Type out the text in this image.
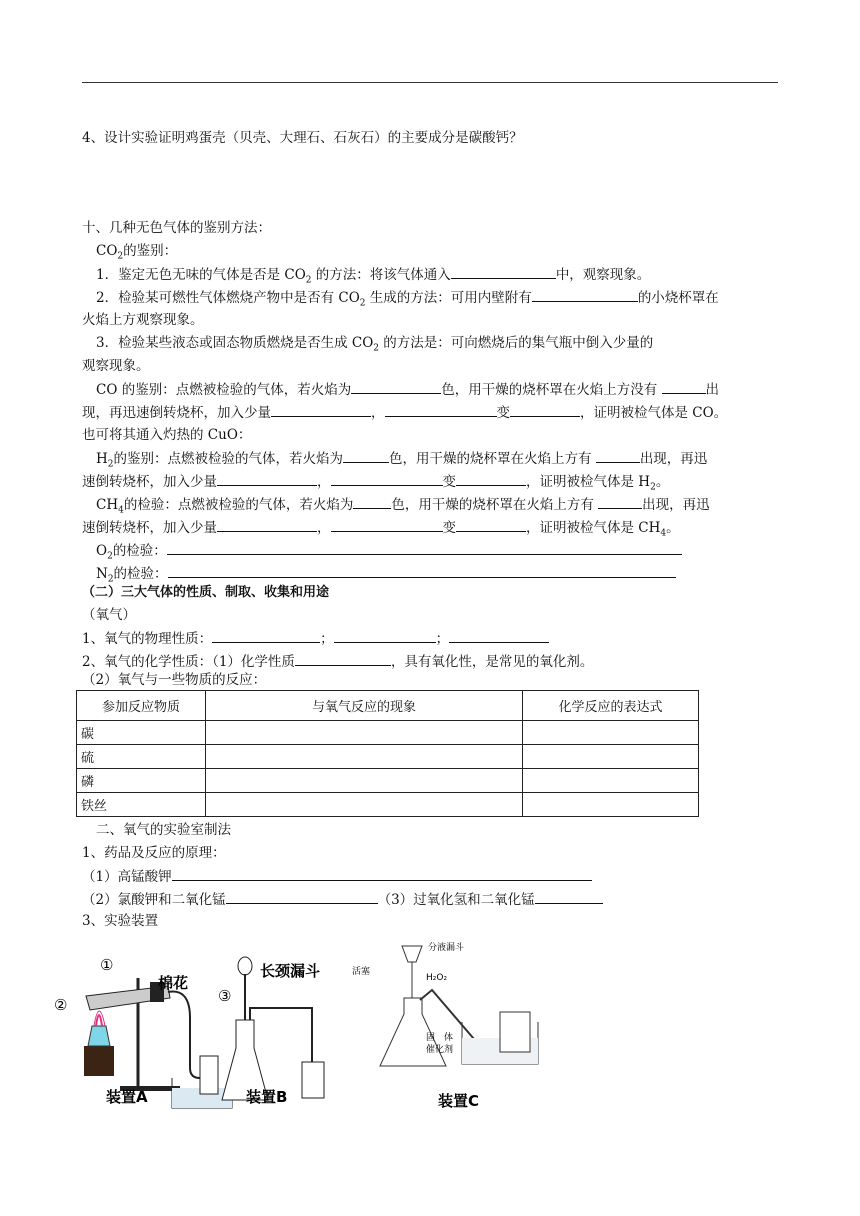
4、设计实验证明鸡蛋壳（贝壳、大理石、石灰石）的主要成分是碳酸钙？
十、几种无色气体的鉴别方法：
$CO_2$的鉴别：
1．鉴定无色无味的气体是否是 $CO_2$ 的方法：将该气体通入	中，观察现象。
2．检验某可燃性气体燃烧产物中是否有 $CO_2$ 生成的方法：可用内壁附有	的小烧杯罩在
火焰上方观察现象。
3．检验某些液态或固态物质燃烧是否生成 $CO_2$ 的方法是：可向燃烧后的集气瓶中倒入少量的
观察现象。
CO 的鉴别：点燃被检验的气体，若火焰为	色，用干燥的烧杯罩在火焰上方没有	出
现，再迅速倒转烧杯，加入少量	，	变	，证明被检气体是 CO。
也可将其通入灼热的 CuO：
$H_2$的鉴别：点燃被检验的气体，若火焰为	色，用干燥的烧杯罩在火焰上方有	出现，再迅
速倒转烧杯，加入少量	，	变	，证明被检气体是 $H_2$。
$CH_4$的检验：点燃被检验的气体，若火焰为	色，用干燥的烧杯罩在火焰上方有	出现，再迅
速倒转烧杯，加入少量	，	变	，证明被检气体是 $CH_4$。
$O_2$的检验：
$N_2$的检验：
（二）三大气体的性质、制取、收集和用途
（氧气）
1、氧气的物理性质：	；	；
2、氧气的化学性质：（1）化学性质	，具有氧化性，是常见的氧化剂。
（2）氧气与一些物质的反应：
参加反应物质	与氧气反应的现象	化学反应的表达式
碳		
硫		
磷		
铁丝		
二、氧气的实验室制法
1、药品及反应的原理：
（1）高锰酸钾
（2）氯酸钾和二氧化锰	（3）过氧化氢和二氧化锰
3、实验装置
①
②	③
棉花
装置A
长颈漏斗
装置B
分液漏斗
活塞
H₂O₂
固　体
催化剂
装置C
